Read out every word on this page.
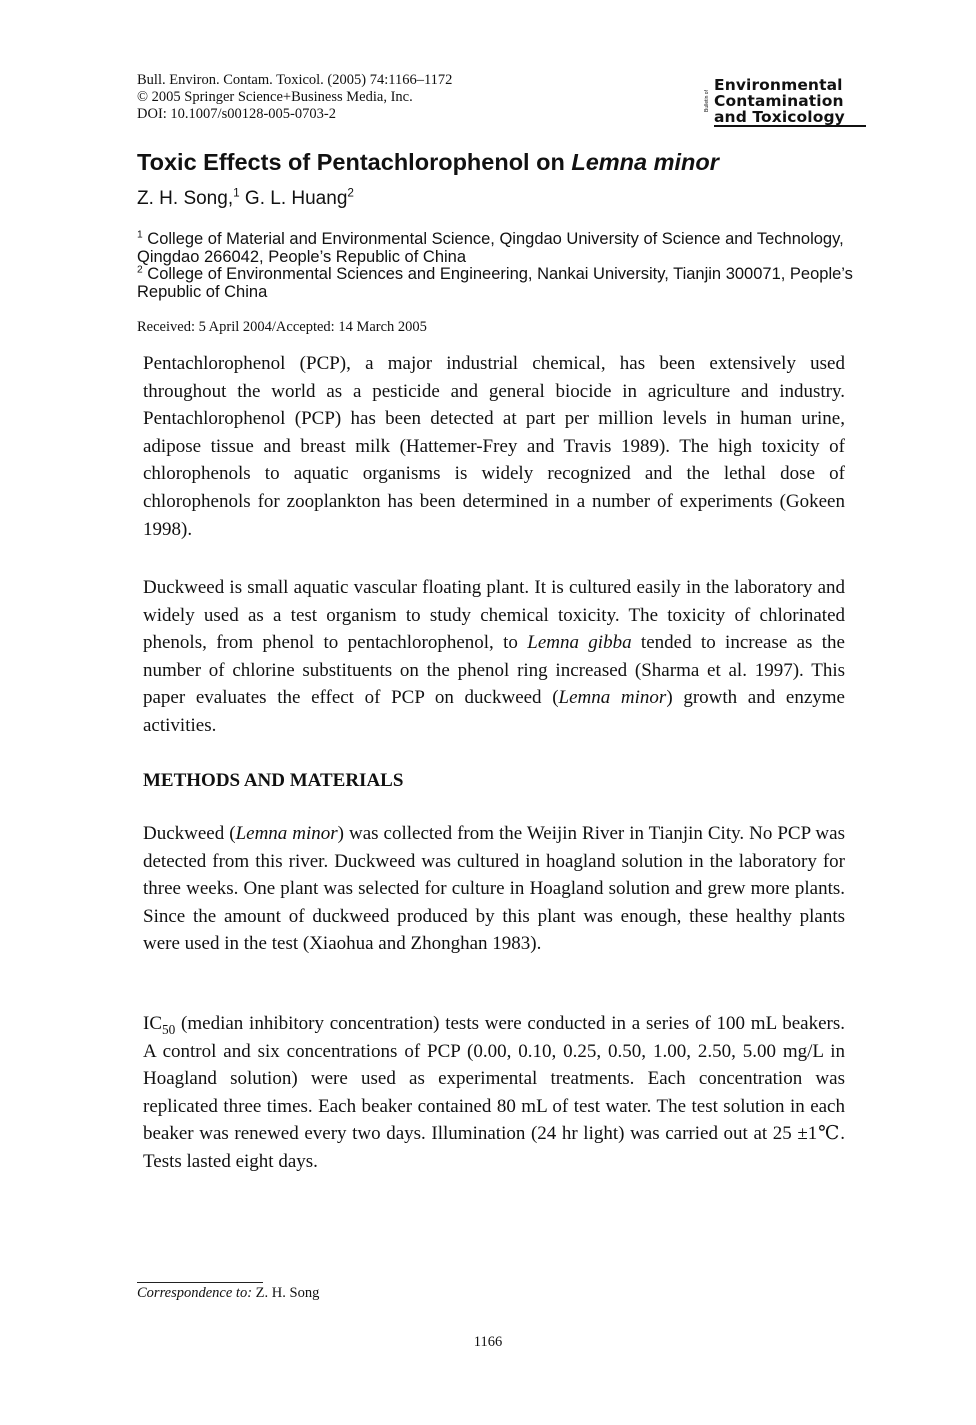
Bull. Environ. Contam. Toxicol. (2005) 74:1166–1172
© 2005 Springer Science+Business Media, Inc.
DOI: 10.1007/s00128-005-0703-2
Bulletin of
Environmental
Contamination
and Toxicology
Toxic Effects of Pentachlorophenol on Lemna minor
Z. H. Song,$^1$ G. L. Huang$^2$

$^1$ College of Material and Environmental Science, Qingdao University of Science and Technology, Qingdao 266042, People’s Republic of China

$^2$ College of Environmental Sciences and Engineering, Nankai University, Tianjin 300071, People’s Republic of China

Received: 5 April 2004/Accepted: 14 March 2005

Pentachlorophenol (PCP), a major industrial chemical, has been extensively used throughout the world as a pesticide and general biocide in agriculture and industry. Pentachlorophenol (PCP) has been detected at part per million levels in human urine, adipose tissue and breast milk (Hattemer-Frey and Travis 1989). The high toxicity of chlorophenols to aquatic organisms is widely recognized and the lethal dose of chlorophenols for zooplankton has been determined in a number of experiments (Gokeen 1998).

Duckweed is small aquatic vascular floating plant. It is cultured easily in the laboratory and widely used as a test organism to study chemical toxicity. The toxicity of chlorinated phenols, from phenol to pentachlorophenol, to Lemna gibba tended to increase as the number of chlorine substituents on the phenol ring increased (Sharma et al. 1997). This paper evaluates the effect of PCP on duckweed (Lemna minor) growth and enzyme activities.

METHODS AND MATERIALS

Duckweed (Lemna minor) was collected from the Weijin River in Tianjin City. No PCP was detected from this river. Duckweed was cultured in hoagland solution in the laboratory for three weeks. One plant was selected for culture in Hoagland solution and grew more plants. Since the amount of duckweed produced by this plant was enough, these healthy plants were used in the test (Xiaohua and Zhonghan 1983).

$IC_{50}$ (median inhibitory concentration) tests were conducted in a series of 100 mL beakers. A control and six concentrations of PCP (0.00, 0.10, 0.25, 0.50, 1.00, 2.50, 5.00 mg/L in Hoagland solution) were used as experimental treatments. Each concentration was replicated three times. Each beaker contained 80 mL of test water. The test solution in each beaker was renewed every two days. Illumination (24 hr light) was carried out at 25 ±1℃. Tests lasted eight days.

Correspondence to: Z. H. Song
1166
